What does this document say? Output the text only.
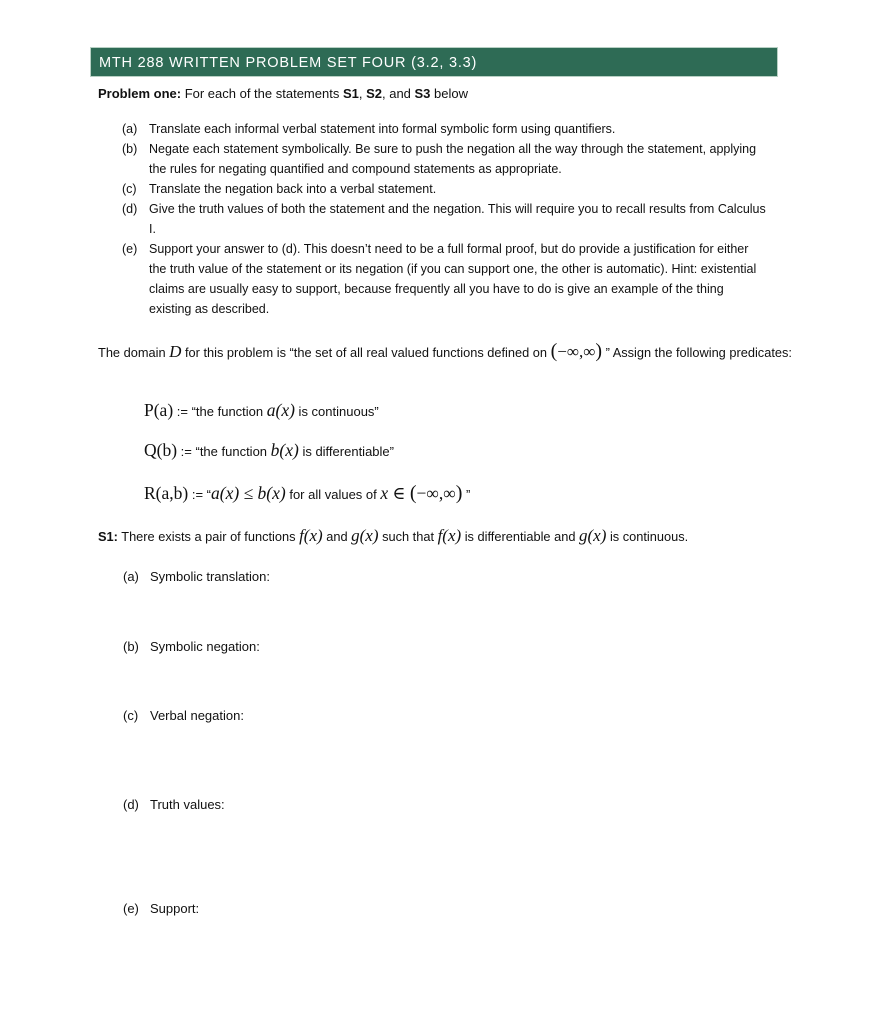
MTH 288 WRITTEN PROBLEM SET FOUR (3.2, 3.3)
Problem one: For each of the statements S1, S2, and S3 below
(a) Translate each informal verbal statement into formal symbolic form using quantifiers.
(b) Negate each statement symbolically. Be sure to push the negation all the way through the statement, applying the rules for negating quantified and compound statements as appropriate.
(c) Translate the negation back into a verbal statement.
(d) Give the truth values of both the statement and the negation. This will require you to recall results from Calculus I.
(e) Support your answer to (d). This doesn’t need to be a full formal proof, but do provide a justification for either the truth value of the statement or its negation (if you can support one, the other is automatic). Hint: existential claims are usually easy to support, because frequently all you have to do is give an example of the thing existing as described.
The domain D for this problem is “the set of all real valued functions defined on (−∞,∞) ” Assign the following predicates:
P(a) := “the function a(x) is continuous”
Q(b) := “the function b(x) is differentiable”
R(a,b) := “a(x) ≤ b(x) for all values of x ∈ (−∞,∞) ”
S1: There exists a pair of functions f(x) and g(x) such that f(x) is differentiable and g(x) is continuous.
(a) Symbolic translation:
(b) Symbolic negation:
(c) Verbal negation:
(d) Truth values:
(e) Support:
